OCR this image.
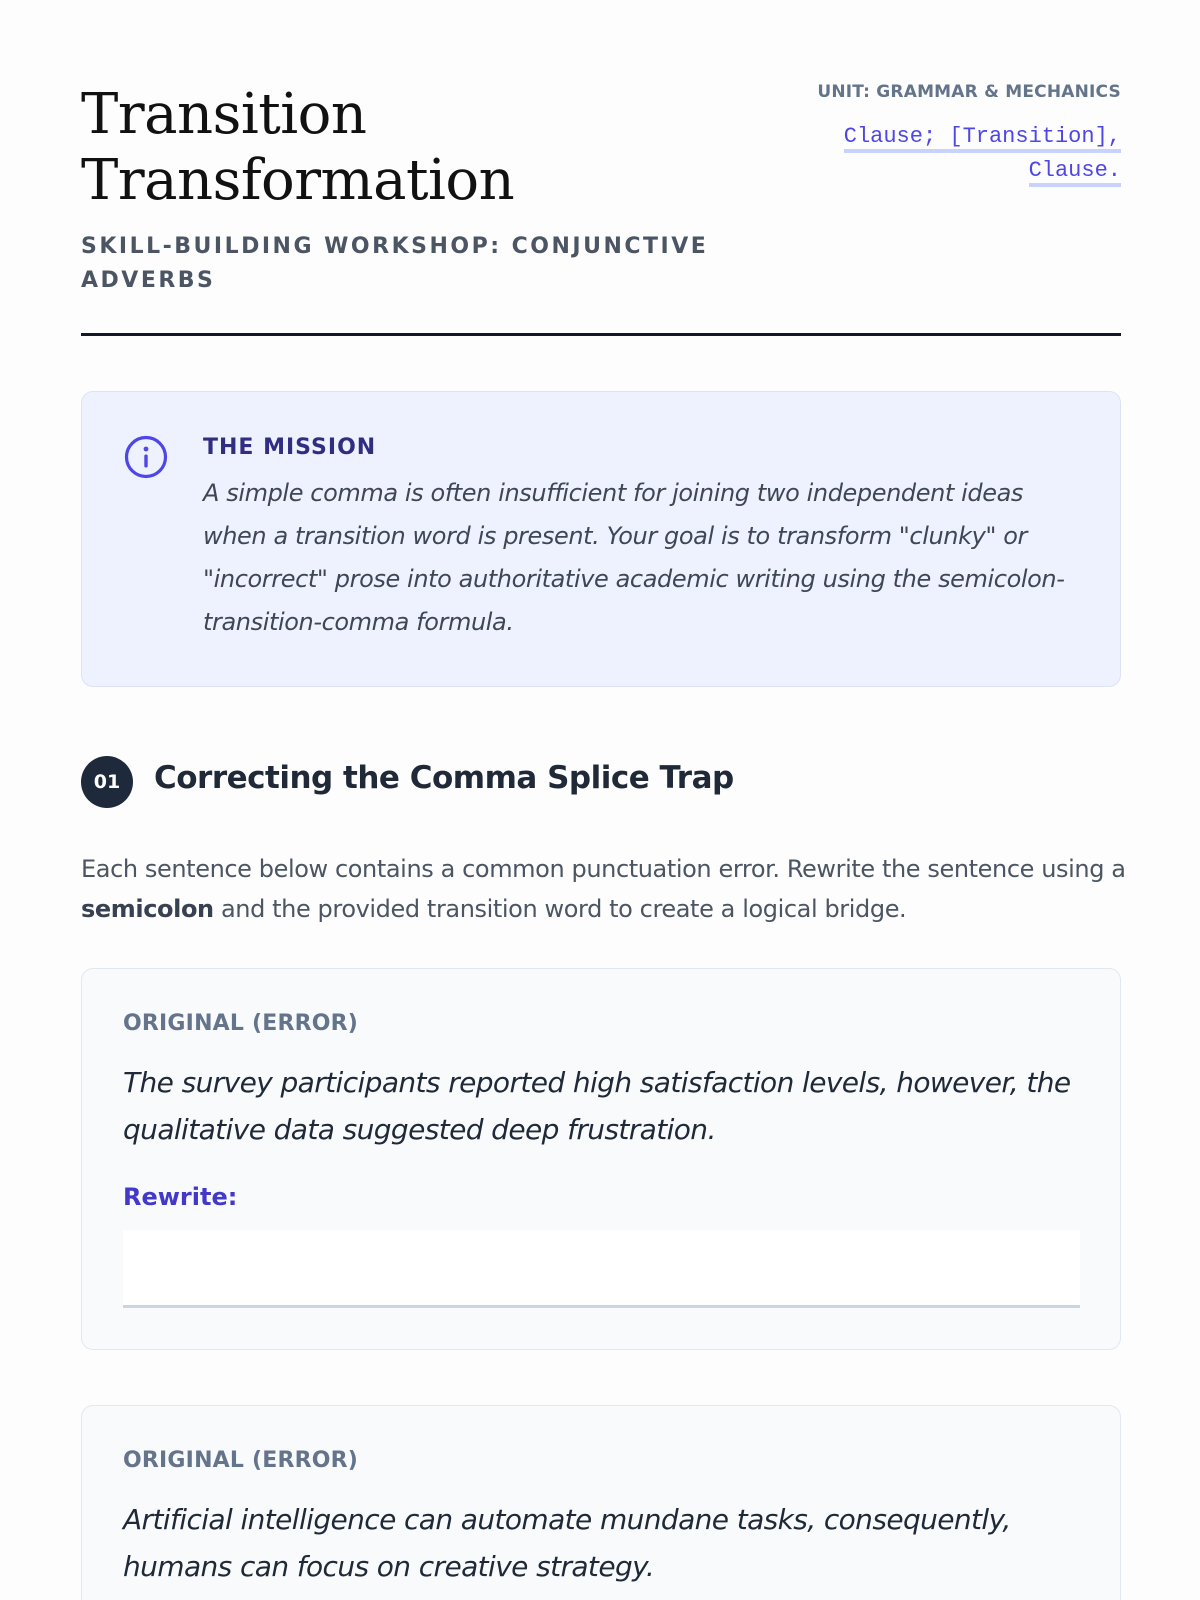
Transition
Transformation
SKILL-BUILDING WORKSHOP: CONJUNCTIVE ADVERBS
UNIT: GRAMMAR & MECHANICS
Clause; [Transition],
Clause.
THE MISSION
A simple comma is often insufficient for joining two independent ideas when a transition word is present. Your goal is to transform "clunky" or "incorrect" prose into authoritative academic writing using the semicolon-transition-comma formula.
01	Correcting the Comma Splice Trap

Each sentence below contains a common punctuation error. Rewrite the sentence using a semicolon and the provided transition word to create a logical bridge.

ORIGINAL (ERROR)
The survey participants reported high satisfaction levels, however, the qualitative data suggested deep frustration.
Rewrite:
ORIGINAL (ERROR)
Artificial intelligence can automate mundane tasks, consequently, humans can focus on creative strategy.
